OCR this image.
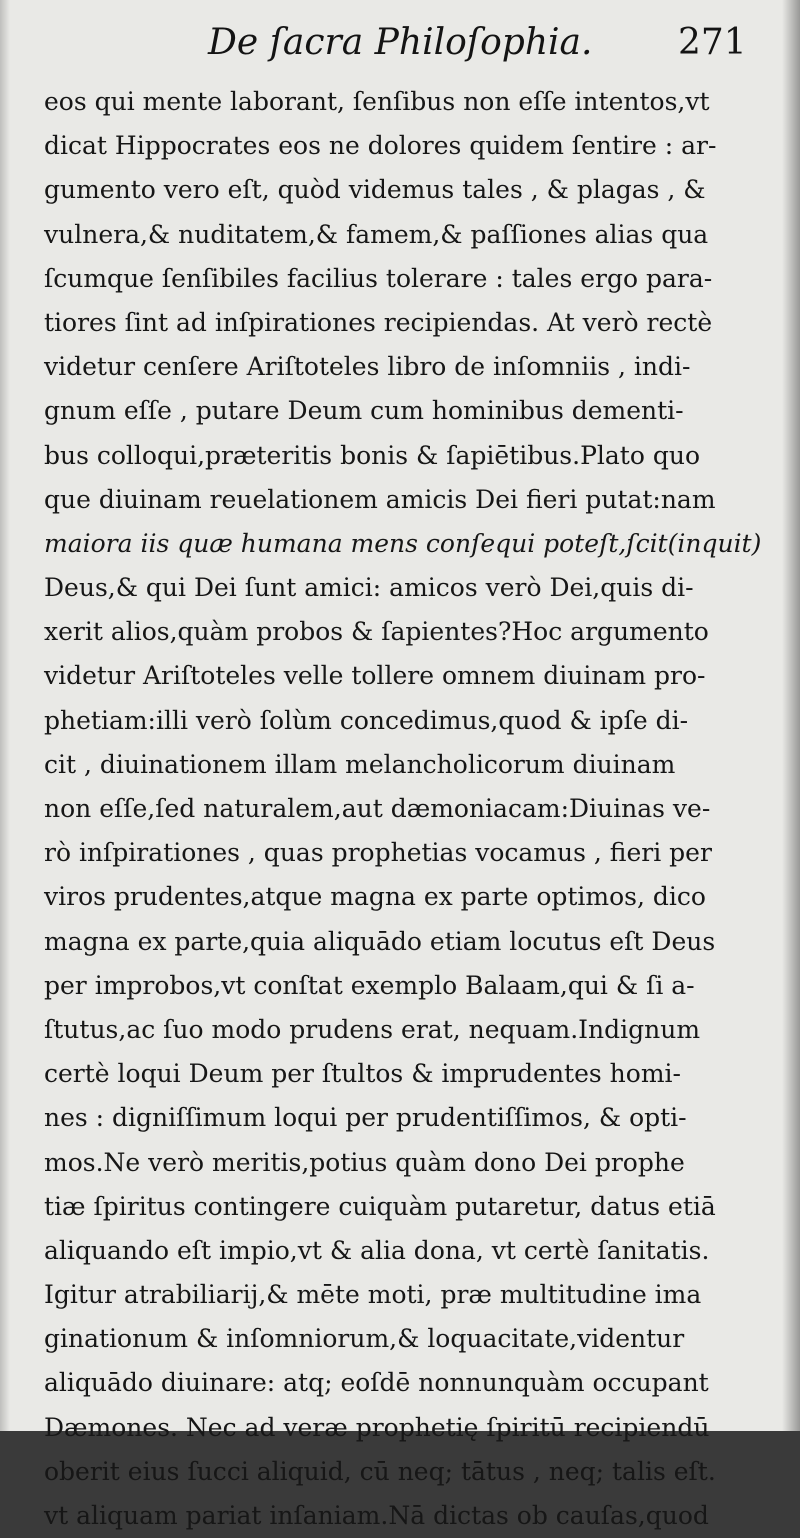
De ſacra Philoſophia. 271
eos qui mente laborant, ſenſibus non eſſe intentos,vt
dicat Hippocrates eos ne dolores quidem ſentire : ar-
gumento vero eſt, quòd videmus tales , & plagas , &
vulnera,& nuditatem,& famem,& paſſiones alias qua
ſcumque ſenſibiles facilius tolerare : tales ergo para-
tiores ſint ad inſpirationes recipiendas. At verò rectè
videtur cenſere Ariſtoteles libro de inſomniis , indi-
gnum eſſe , putare Deum cum hominibus dementi-
bus colloqui,prӕteritis bonis & ſapiētibus.Plato quo
que diuinam reuelationem amicis Dei fieri putat:nam
maiora iis quӕ humana mens conſequi poteſt,ſcit(inquit)
Deus,& qui Dei ſunt amici: amicos verò Dei,quis di-
xerit alios,quàm probos & ſapientes?Hoc argumento
videtur Ariſtoteles velle tollere omnem diuinam pro-
phetiam:illi verò ſolùm concedimus,quod & ipſe di-
cit , diuinationem illam melancholicorum diuinam
non eſſe,ſed naturalem,aut dӕmoniacam:Diuinas ve-
rò inſpirationes , quas prophetias vocamus , fieri per
viros prudentes,atque magna ex parte optimos, dico
magna ex parte,quia aliquādo etiam locutus eſt Deus
per improbos,vt conſtat exemplo Balaam,qui & ſi a-
ſtutus,ac ſuo modo prudens erat, nequam.Indignum
certè loqui Deum per ſtultos & imprudentes homi-
nes : digniſſimum loqui per prudentiſſimos, & opti-
mos.Ne verò meritis,potius quàm dono Dei prophe
tiӕ ſpiritus contingere cuiquàm putaretur, datus etiā
aliquando eſt impio,vt & alia dona, vt certè ſanitatis.
Igitur atrabiliarij,& mēte moti, prӕ multitudine ima
ginationum & inſomniorum,& loquacitate,videntur
aliquādo diuinare: atq; eoſdē nonnunquàm occupant
Dӕmones. Nec ad verӕ prophetię ſpiritū recipiendū
oberit eius ſucci aliquid, cū neq; tātus , neq; talis eſt.
vt aliquam pariat inſaniam.Nā dictas ob cauſas,quod
